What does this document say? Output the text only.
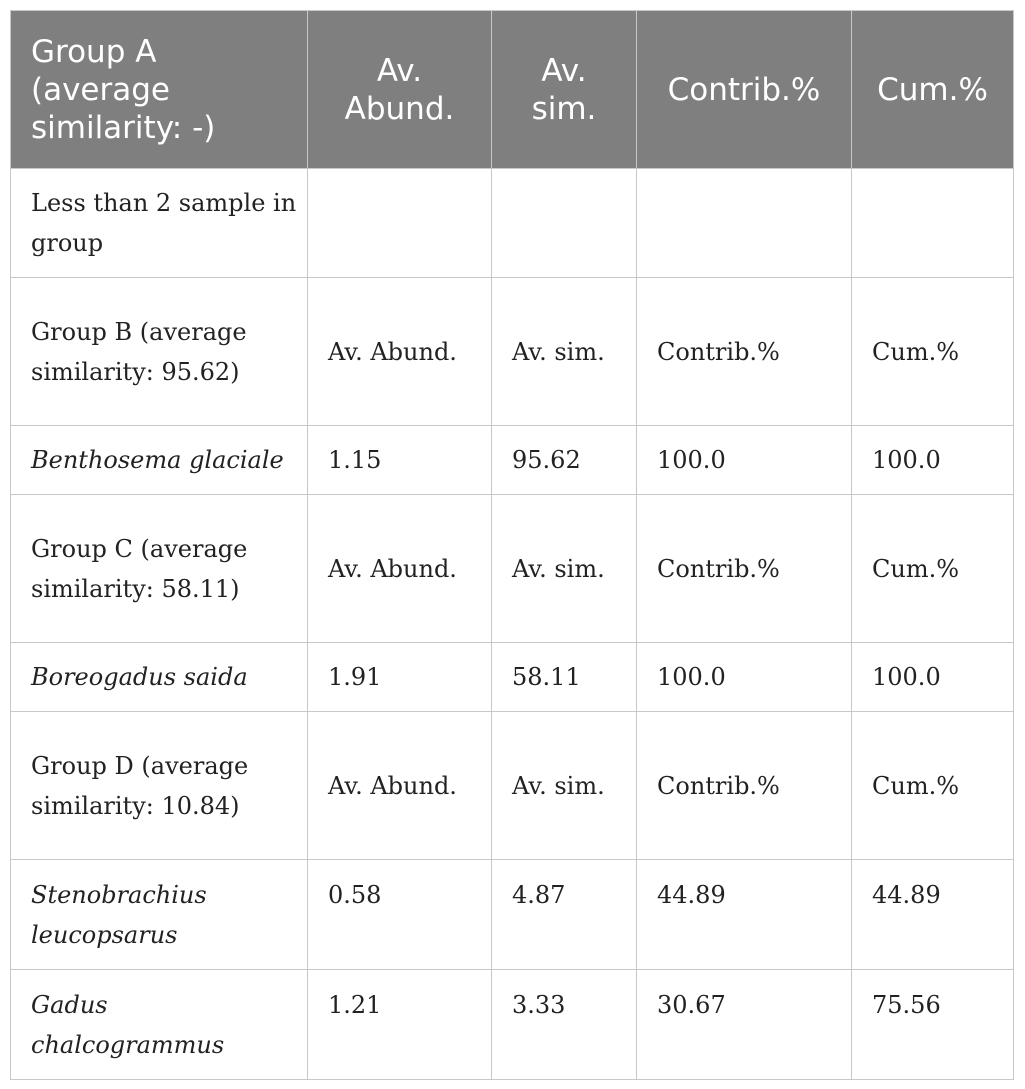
Group A (average similarity: -)	Av. Abund.	Av. sim.	Contrib.%	Cum.%
Less than 2 sample in group				
Group B (average similarity: 95.62)	Av. Abund.	Av. sim.	Contrib.%	Cum.%
Benthosema glaciale	1.15	95.62	100.0	100.0
Group C (average similarity: 58.11)	Av. Abund.	Av. sim.	Contrib.%	Cum.%
Boreogadus saida	1.91	58.11	100.0	100.0
Group D (average similarity: 10.84)	Av. Abund.	Av. sim.	Contrib.%	Cum.%
Stenobrachius leucopsarus	0.58	4.87	44.89	44.89
Gadus chalcogrammus	1.21	3.33	30.67	75.56
